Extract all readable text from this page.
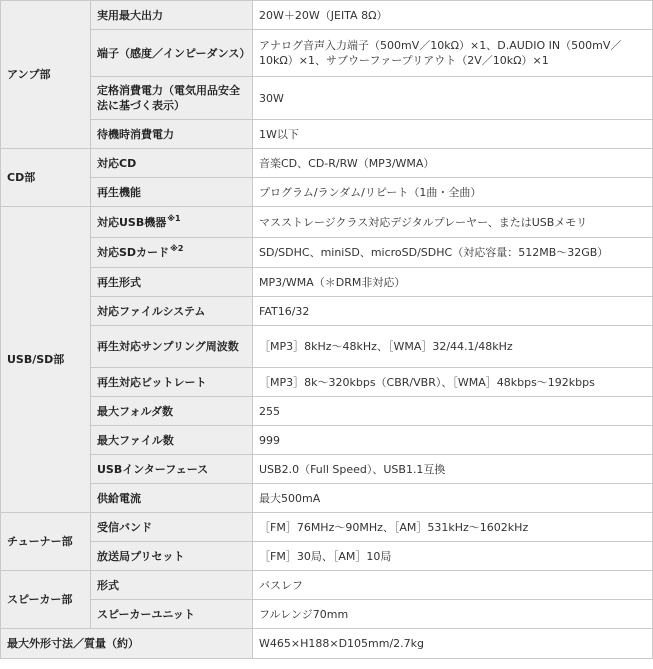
アンプ部	実用最大出力	20W＋20W（JEITA 8Ω）
	端子（感度／インピーダンス）	アナログ音声入力端子（500mV／10kΩ）×1、D.AUDIO IN（500mV／10kΩ）×1、サブウーファープリアウト（2V／10kΩ）×1
	定格消費電力（電気用品安全法に基づく表示）	30W
	待機時消費電力	1W以下
CD部	対応CD	音楽CD、CD-R/RW（MP3/WMA）
	再生機能	プログラム/ランダム/リピート（1曲・全曲）
USB/SD部	対応USB機器$^{※1}$	マスストレージクラス対応デジタルプレーヤー、またはUSBメモリ
	対応SDカード$^{※2}$	SD/SDHC、miniSD、microSD/SDHC（対応容量：512MB～32GB）
	再生形式	MP3/WMA（＊DRM非対応）
	対応ファイルシステム	FAT16/32
	再生対応サンプリング周波数	［MP3］8kHz～48kHz、［WMA］32/44.1/48kHz
	再生対応ビットレート	［MP3］8k～320kbps（CBR/VBR）、［WMA］48kbps～192kbps
	最大フォルダ数	255
	最大ファイル数	999
	USBインターフェース	USB2.0（Full Speed）、USB1.1互換
	供給電流	最大500mA
チューナー部	受信バンド	［FM］76MHz～90MHz、［AM］531kHz～1602kHz
	放送局プリセット	［FM］30局、［AM］10局
スピーカー部	形式	バスレフ
	スピーカーユニット	フルレンジ70mm
最大外形寸法／質量（約）		W465×H188×D105mm/2.7kg
